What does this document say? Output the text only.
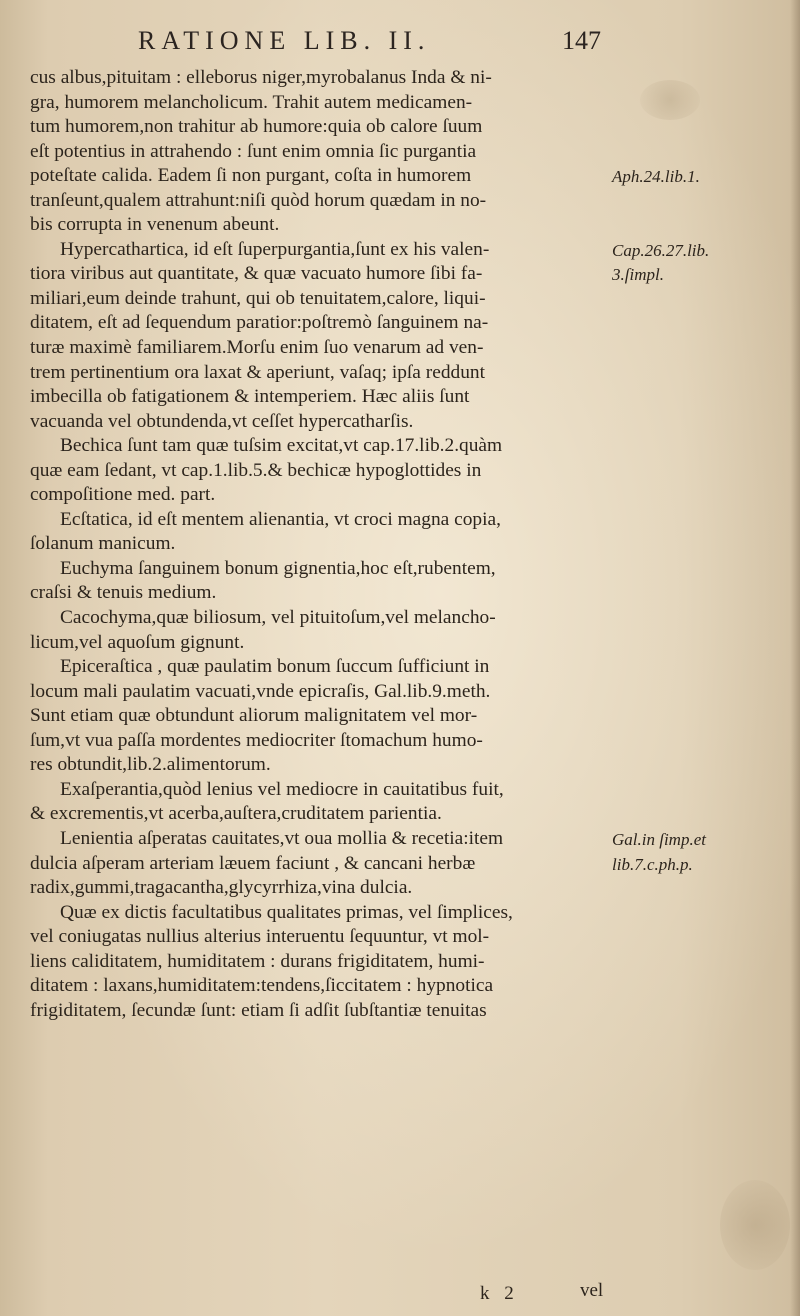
RATIONE LIB. II.	147
cus albus,pituitam : elleborus niger,myrobalanus Inda & ni-
gra, humorem melancholicum. Trahit autem medicamen-
tum humorem,non trahitur ab humore:quia ob calore ſuum
eſt potentius in attrahendo : ſunt enim omnia ſic purgantia
poteſtate calida. Eadem ſi non purgant, coſta in humorem
tranſeunt,qualem attrahunt:niſi quòd horum quædam in no-
bis corrupta in venenum abeunt.
Hypercathartica, id eſt ſuperpurgantia,ſunt ex his valen-
tiora viribus aut quantitate, & quæ vacuato humore ſibi fa-
miliari,eum deinde trahunt, qui ob tenuitatem,calore, liqui-
ditatem, eſt ad ſequendum paratior:poſtremò ſanguinem na-
turæ maximè familiarem.Morſu enim ſuo venarum ad ven-
trem pertinentium ora laxat & aperiunt, vaſaq; ipſa reddunt
imbecilla ob fatigationem & intemperiem. Hæc aliis ſunt
vacuanda vel obtundenda,vt ceſſet hypercatharſis.
Bechica ſunt tam quæ tuſsim excitat,vt cap.17.lib.2.quàm
quæ eam ſedant, vt cap.1.lib.5.& bechicæ hypoglottides in
compoſitione med. part.
Ecſtatica, id eſt mentem alienantia, vt croci magna copia,
ſolanum manicum.
Euchyma ſanguinem bonum gignentia,hoc eſt,rubentem,
craſsi & tenuis medium.
Cacochyma,quæ biliosum, vel pituitoſum,vel melancho-
licum,vel aquoſum gignunt.
Epiceraſtica , quæ paulatim bonum ſuccum ſufficiunt in
locum mali paulatim vacuati,vnde epicraſis, Gal.lib.9.meth.
Sunt etiam quæ obtundunt aliorum malignitatem vel mor-
ſum,vt vua paſſa mordentes mediocriter ſtomachum humo-
res obtundit,lib.2.alimentorum.
Exaſperantia,quòd lenius vel mediocre in cauitatibus fuit,
& excrementis,vt acerba,auſtera,cruditatem parientia.
Lenientia aſperatas cauitates,vt oua mollia & recetia:item
dulcia aſperam arteriam læuem faciunt , & cancani herbæ
radix,gummi,tragacantha,glycyrrhiza,vina dulcia.
Quæ ex dictis facultatibus qualitates primas, vel ſimplices,
vel coniugatas nullius alterius interuentu ſequuntur, vt mol-
liens caliditatem, humiditatem : durans frigiditatem, humi-
ditatem : laxans,humiditatem:tendens,ſiccitatem : hypnotica
frigiditatem, ſecundæ ſunt: etiam ſi adſit ſubſtantiæ tenuitas
Aph.24.lib.1.
Cap.26.27.lib.
3.ſimpl.
Gal.in ſimp.et
lib.7.c.ph.p.
k 2	vel
